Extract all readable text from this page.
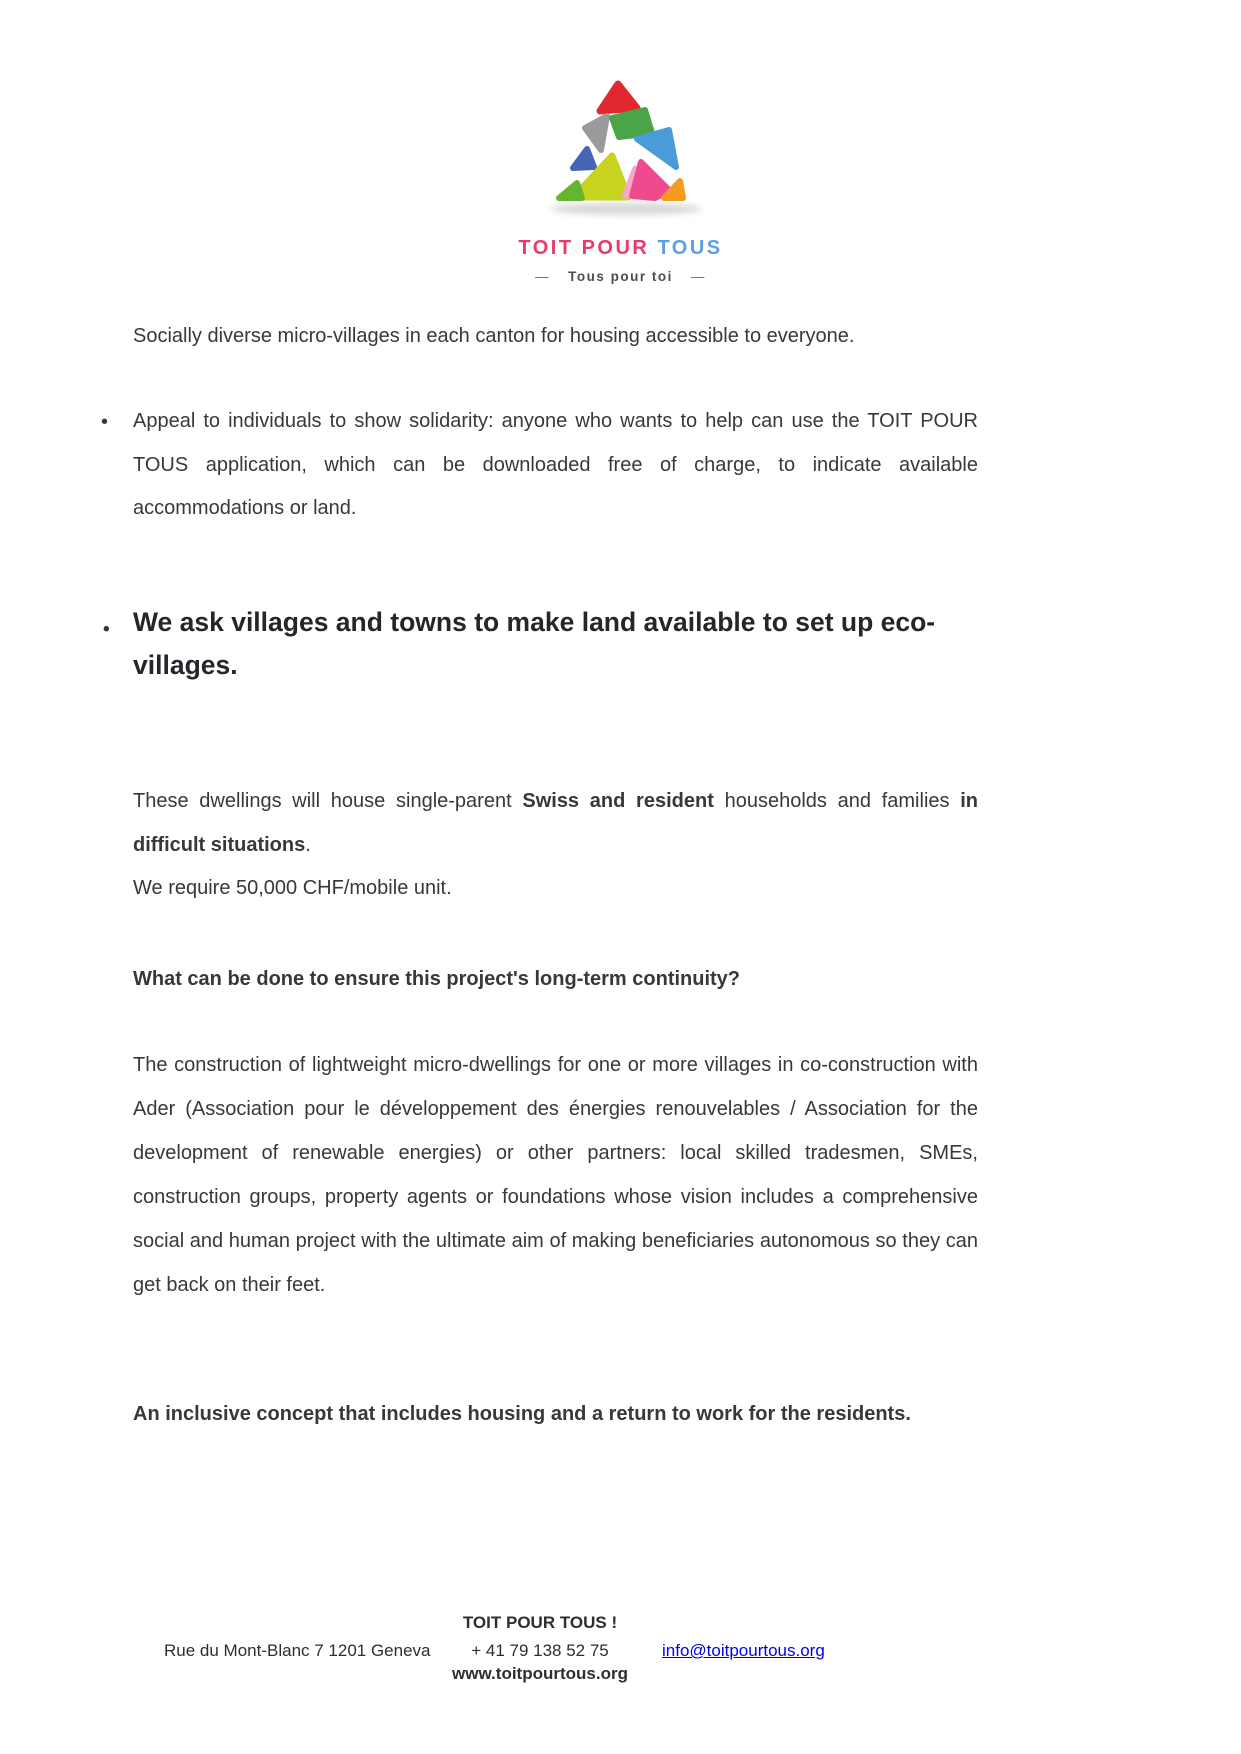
TOIT POUR TOUS
— Tous pour toi —
Socially diverse micro-villages in each canton for housing accessible to everyone.
• Appeal to individuals to show solidarity: anyone who wants to help can use the TOIT POUR TOUS application, which can be downloaded free of charge, to indicate available accommodations or land.
• We ask villages and towns to make land available to set up eco-villages.
These dwellings will house single-parent Swiss and resident households and families in difficult situations.
We require 50,000 CHF/mobile unit.
What can be done to ensure this project's long-term continuity?
The construction of lightweight micro-dwellings for one or more villages in co-construction with Ader (Association pour le développement des énergies renouvelables / Association for the development of renewable energies) or other partners: local skilled tradesmen, SMEs, construction groups, property agents or foundations whose vision includes a comprehensive social and human project with the ultimate aim of making beneficiaries autonomous so they can get back on their feet.
An inclusive concept that includes housing and a return to work for the residents.
TOIT POUR TOUS !
Rue du Mont-Blanc 7 1201 Geneva	+ 41 79 138 52 75
www.toitpourtous.org
info@toitpourtous.org
